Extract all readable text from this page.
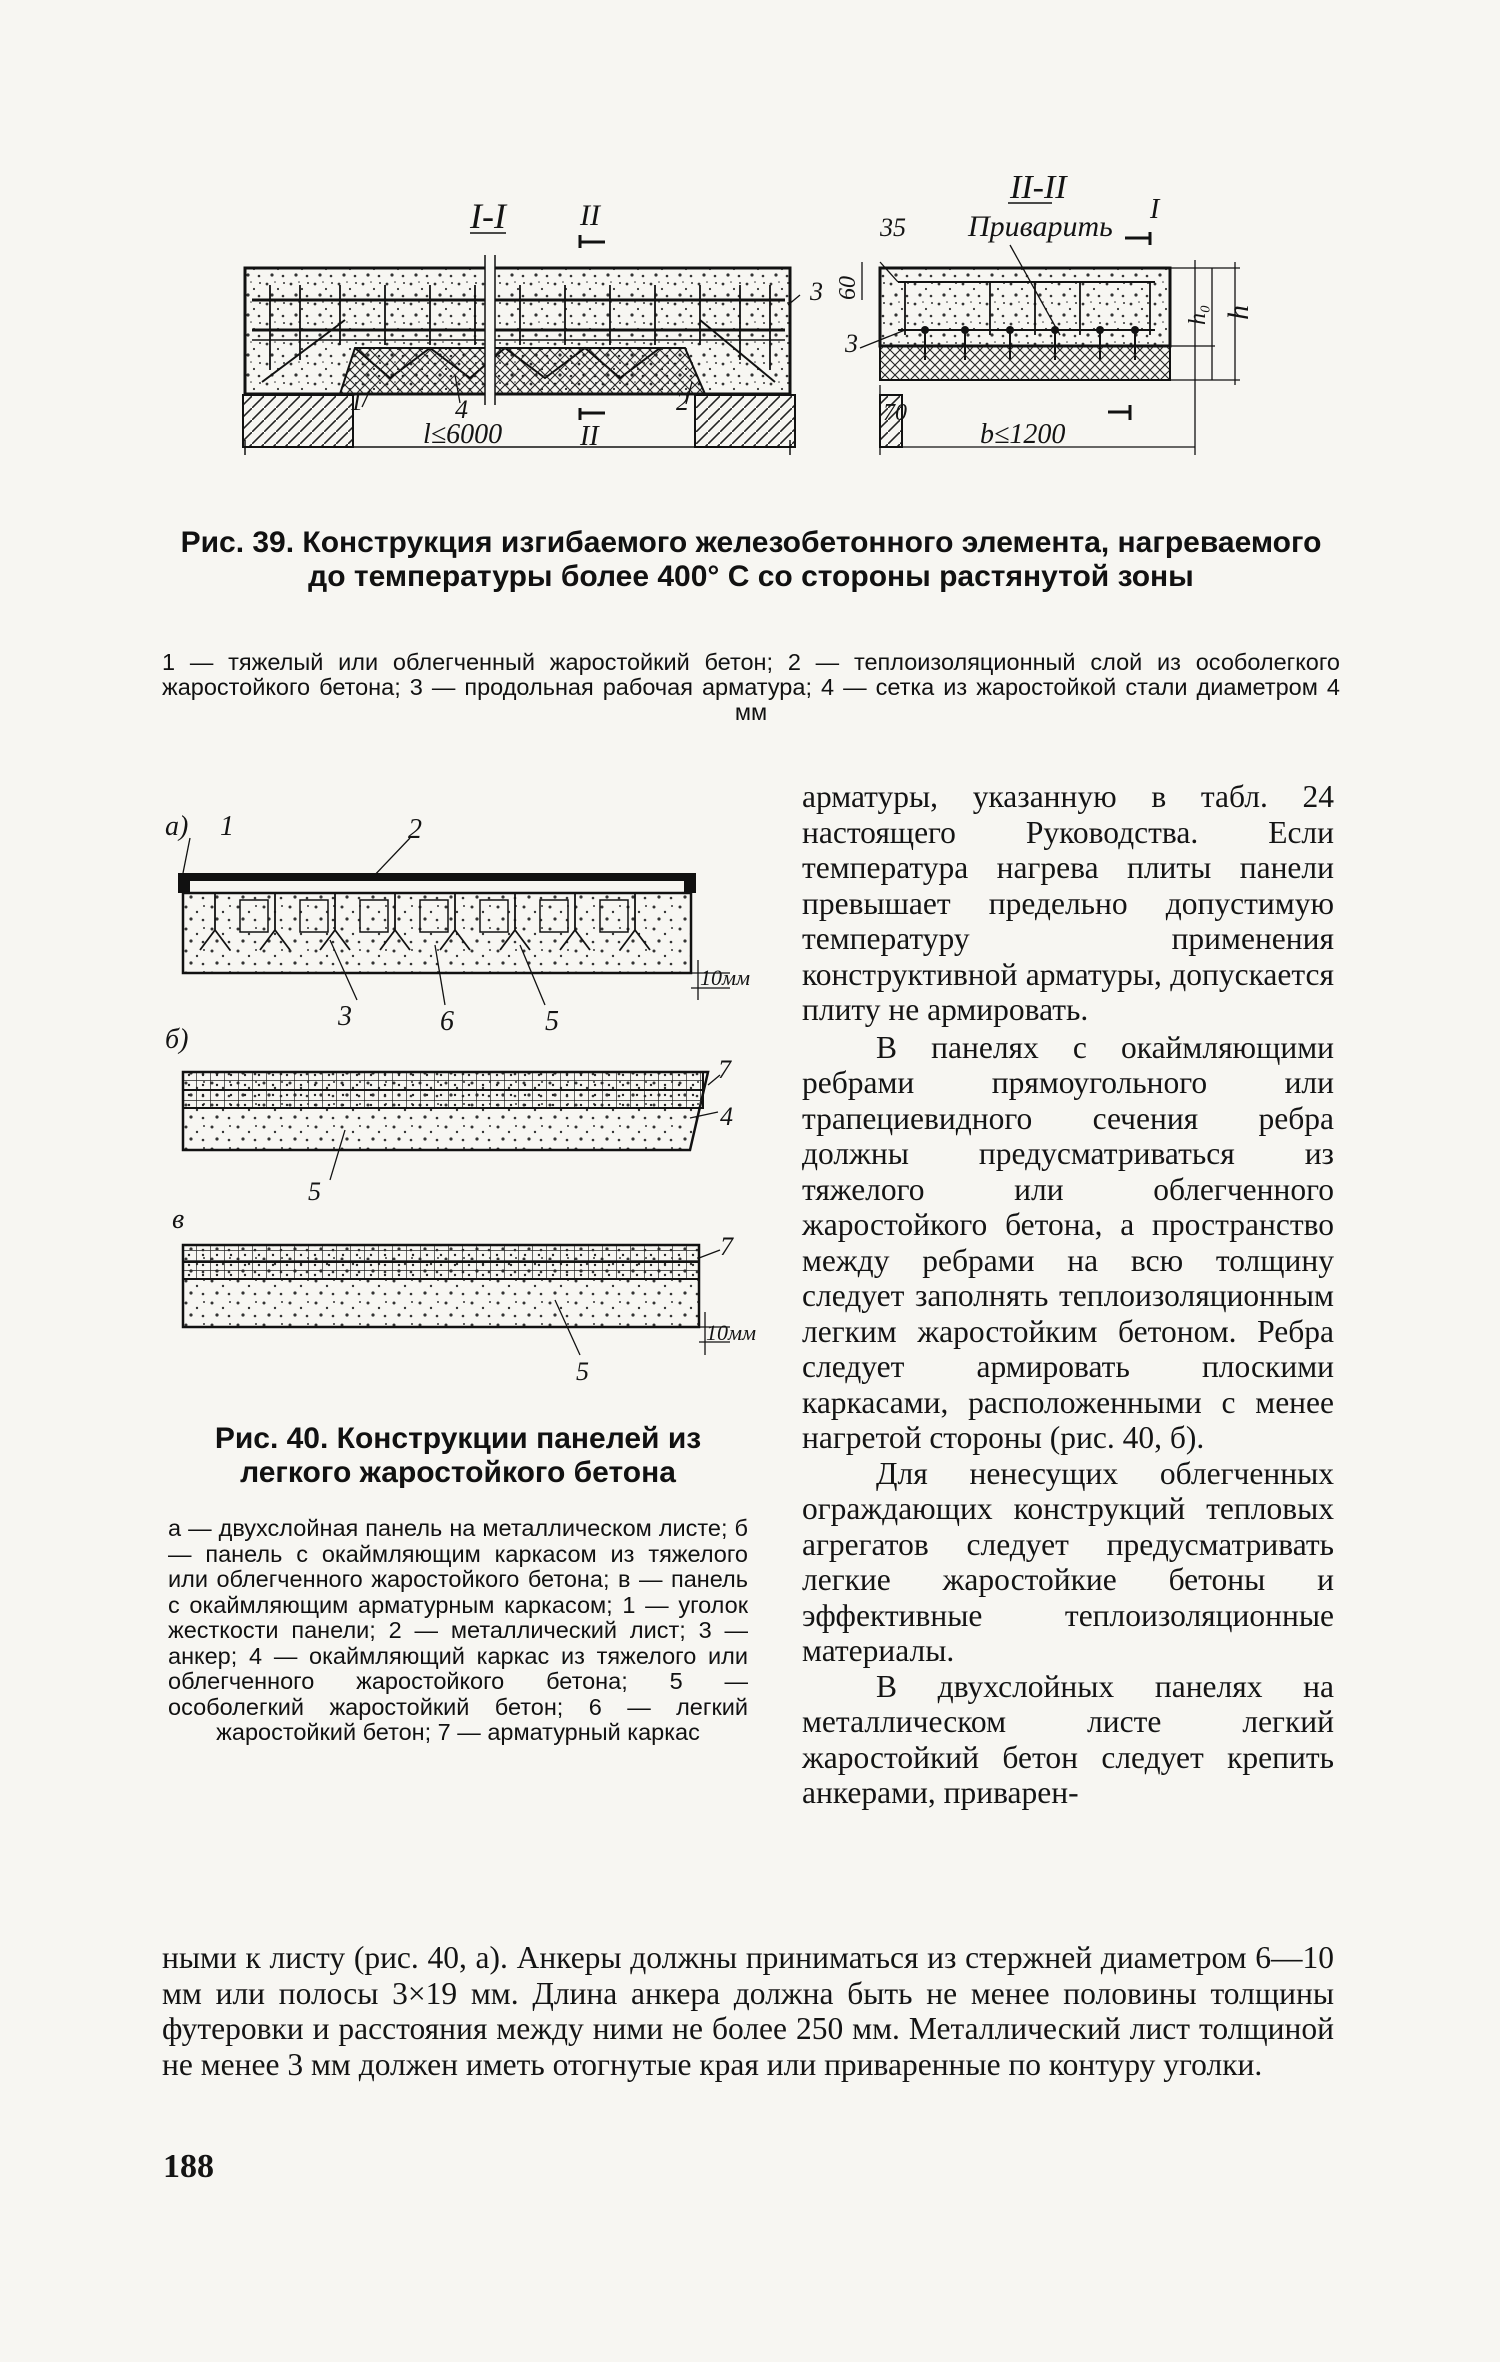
I-I II
3
1	4	2
l≤6000	II
II-II
Приварить
I
35
60
3
70
h₀ h
b≤1200
Рис. 39. Конструкция изгибаемого железобетонного элемента, нагреваемого до температуры более 400° С со стороны растянутой зоны

1 — тяжелый или облегченный жаростойкий бетон; 2 — теплоизоляционный слой из особолегкого жаростойкого бетона; 3 — продольная рабочая арматура; 4 — сетка из жаростойкой стали диаметром 4 мм

а) 1	2
3	6	5
10мм
б)
7
4
5
в
7
5
10мм
Рис. 40. Конструкции панелей из легкого жаростойкого бетона

а — двухслойная панель на металлическом листе; б — панель с окаймляющим каркасом из тяжелого или облегченного жаростойкого бетона; в — панель с окаймляющим арматурным каркасом; 1 — уголок жесткости панели; 2 — металлический лист; 3 — анкер; 4 — окаймляющий каркас из тяжелого или облегченного жаростойкого бетона; 5 — особолегкий жаростойкий бетон; 6 — легкий жаростойкий бетон; 7 — арматурный каркас

арматуры, указанную в табл. 24 настоящего Руководства. Если температура нагрева плиты панели превышает предельно допустимую температуру применения конструктивной арматуры, допускается плиту не армировать.

В панелях с окаймляющими ребрами прямоугольного или трапециевидного сечения ребра должны предусматриваться из тяжелого или облегченного жаростойкого бетона, а пространство между ребрами на всю толщину следует заполнять теплоизоляционным легким жаростойким бетоном. Ребра следует армировать плоскими каркасами, расположенными с менее нагретой стороны (рис. 40, б).

Для ненесущих облегченных ограждающих конструкций тепловых агрегатов следует предусматривать легкие жаростойкие бетоны и эффективные теплоизоляционные материалы.

В двухслойных панелях на металлическом листе легкий жаростойкий бетон следует крепить анкерами, приварен-

ными к листу (рис. 40, а). Анкеры должны приниматься из стержней диаметром 6—10 мм или полосы 3×19 мм. Длина анкера должна быть не менее половины толщины футеровки и расстояния между ними не более 250 мм. Металлический лист толщиной не менее 3 мм должен иметь отогнутые края или приваренные по контуру уголки.

188
